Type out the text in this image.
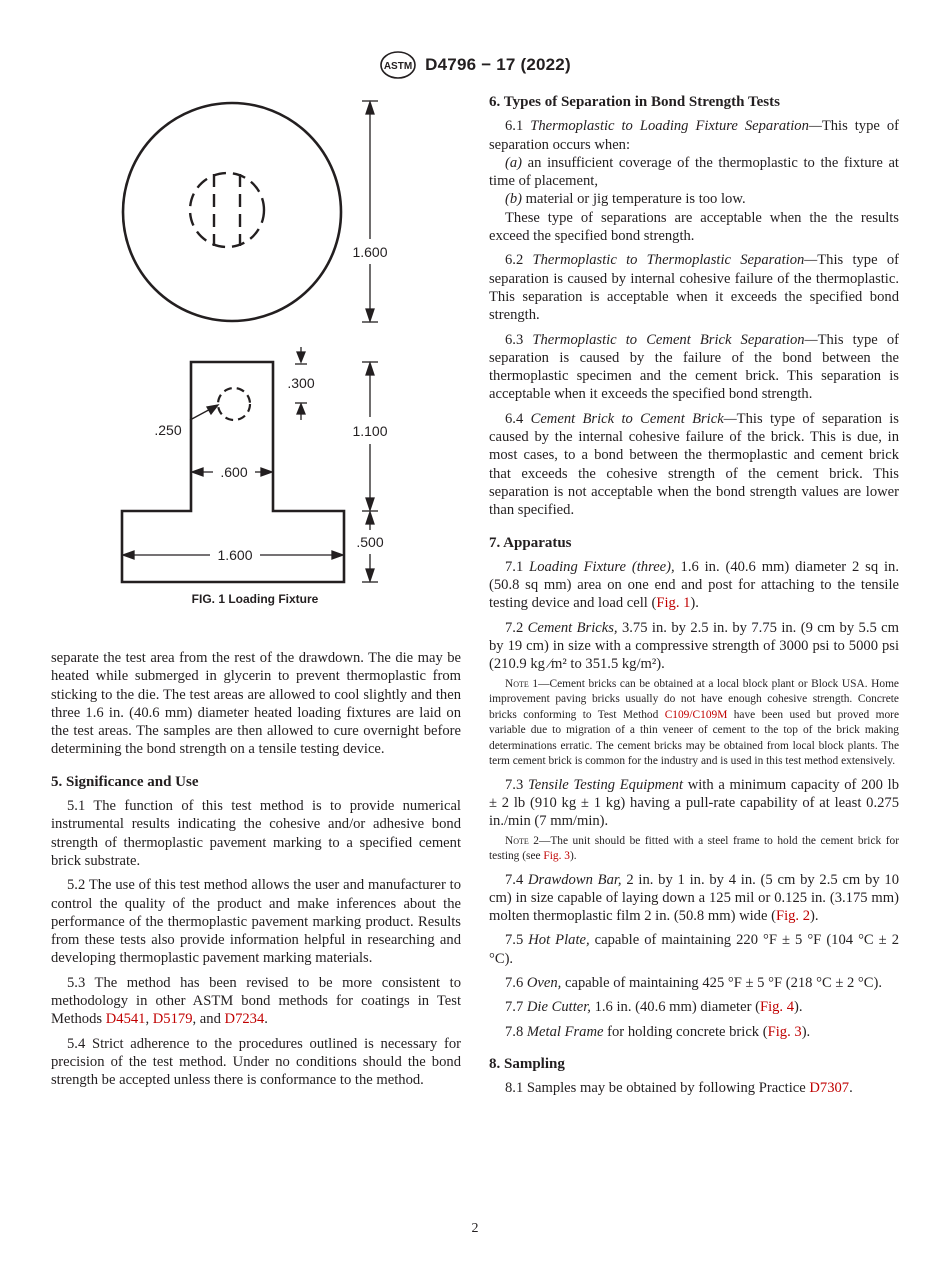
ASTM D4796 − 17 (2022)
1.600
.300
.250	1.100
.600
.500
1.600
FIG. 1 Loading Fixture

separate the test area from the rest of the drawdown. The die may be heated while submerged in glycerin to prevent thermoplastic from sticking to the die. The test areas are allowed to cool slightly and then three 1.6 in. (40.6 mm) diameter heated loading fixtures are laid on the test areas. The samples are then allowed to cure overnight before determining the bond strength on a tensile testing device.

5. Significance and Use

5.1 The function of this test method is to provide numerical instrumental results indicating the cohesive and/or adhesive bond strength of thermoplastic pavement marking to a specified cement brick substrate.

5.2 The use of this test method allows the user and manufacturer to control the quality of the product and make inferences about the performance of the thermoplastic pavement marking product. Results from these tests also provide information helpful in researching and developing thermoplastic pavement marking materials.

5.3 The method has been revised to be more consistent to methodology in other ASTM bond methods for coatings in Test Methods D4541, D5179, and D7234.

5.4 Strict adherence to the procedures outlined is necessary for precision of the test method. Under no conditions should the bond strength be accepted unless there is conformance to the method.

6. Types of Separation in Bond Strength Tests

6.1 Thermoplastic to Loading Fixture Separation—This type of separation occurs when:

(a) an insufficient coverage of the thermoplastic to the fixture at time of placement,

(b) material or jig temperature is too low.

These type of separations are acceptable when the the results exceed the specified bond strength.

6.2 Thermoplastic to Thermoplastic Separation—This type of separation is caused by internal cohesive failure of the thermoplastic. This separation is acceptable when it exceeds the specified bond strength.

6.3 Thermoplastic to Cement Brick Separation—This type of separation is caused by the failure of the bond between the thermoplastic specimen and the cement brick. This separation is acceptable when it exceeds the specified bond strength.

6.4 Cement Brick to Cement Brick—This type of separation is caused by the internal cohesive failure of the brick. This is due, in most cases, to a bond between the thermoplastic and cement brick that exceeds the cohesive strength of the cement brick. This separation is not acceptable when the bond strength values are lower than specified.

7. Apparatus

7.1 Loading Fixture (three), 1.6 in. (40.6 mm) diameter 2 sq in. (50.8 sq mm) area on one end and post for attaching to the tensile testing device and load cell (Fig. 1).

7.2 Cement Bricks, 3.75 in. by 2.5 in. by 7.75 in. (9 cm by 5.5 cm by 19 cm) in size with a compressive strength of 3000 psi to 5000 psi (210.9 kg ⁄m² to 351.5 kg/m²).

Note 1—Cement bricks can be obtained at a local block plant or Block USA. Home improvement paving bricks usually do not have enough cohesive strength. Concrete bricks conforming to Test Method C109/C109M have been used but proved more variable due to migration of a thin veneer of cement to the top of the brick making determinations erratic. The cement bricks may be obtained from local block plants. The term cement brick is common for the industry and is used in this test method extensively.

7.3 Tensile Testing Equipment with a minimum capacity of 200 lb ± 2 lb (910 kg ± 1 kg) having a pull-rate capability of at least 0.275 in./min (7 mm/min).

Note 2—The unit should be fitted with a steel frame to hold the cement brick for testing (see Fig. 3).

7.4 Drawdown Bar, 2 in. by 1 in. by 4 in. (5 cm by 2.5 cm by 10 cm) in size capable of laying down a 125 mil or 0.125 in. (3.175 mm) molten thermoplastic film 2 in. (50.8 mm) wide (Fig. 2).

7.5 Hot Plate, capable of maintaining 220 °F ± 5 °F (104 °C ± 2 °C).

7.6 Oven, capable of maintaining 425 °F ± 5 °F (218 °C ± 2 °C).

7.7 Die Cutter, 1.6 in. (40.6 mm) diameter (Fig. 4).

7.8 Metal Frame for holding concrete brick (Fig. 3).

8. Sampling

8.1 Samples may be obtained by following Practice D7307.

2
